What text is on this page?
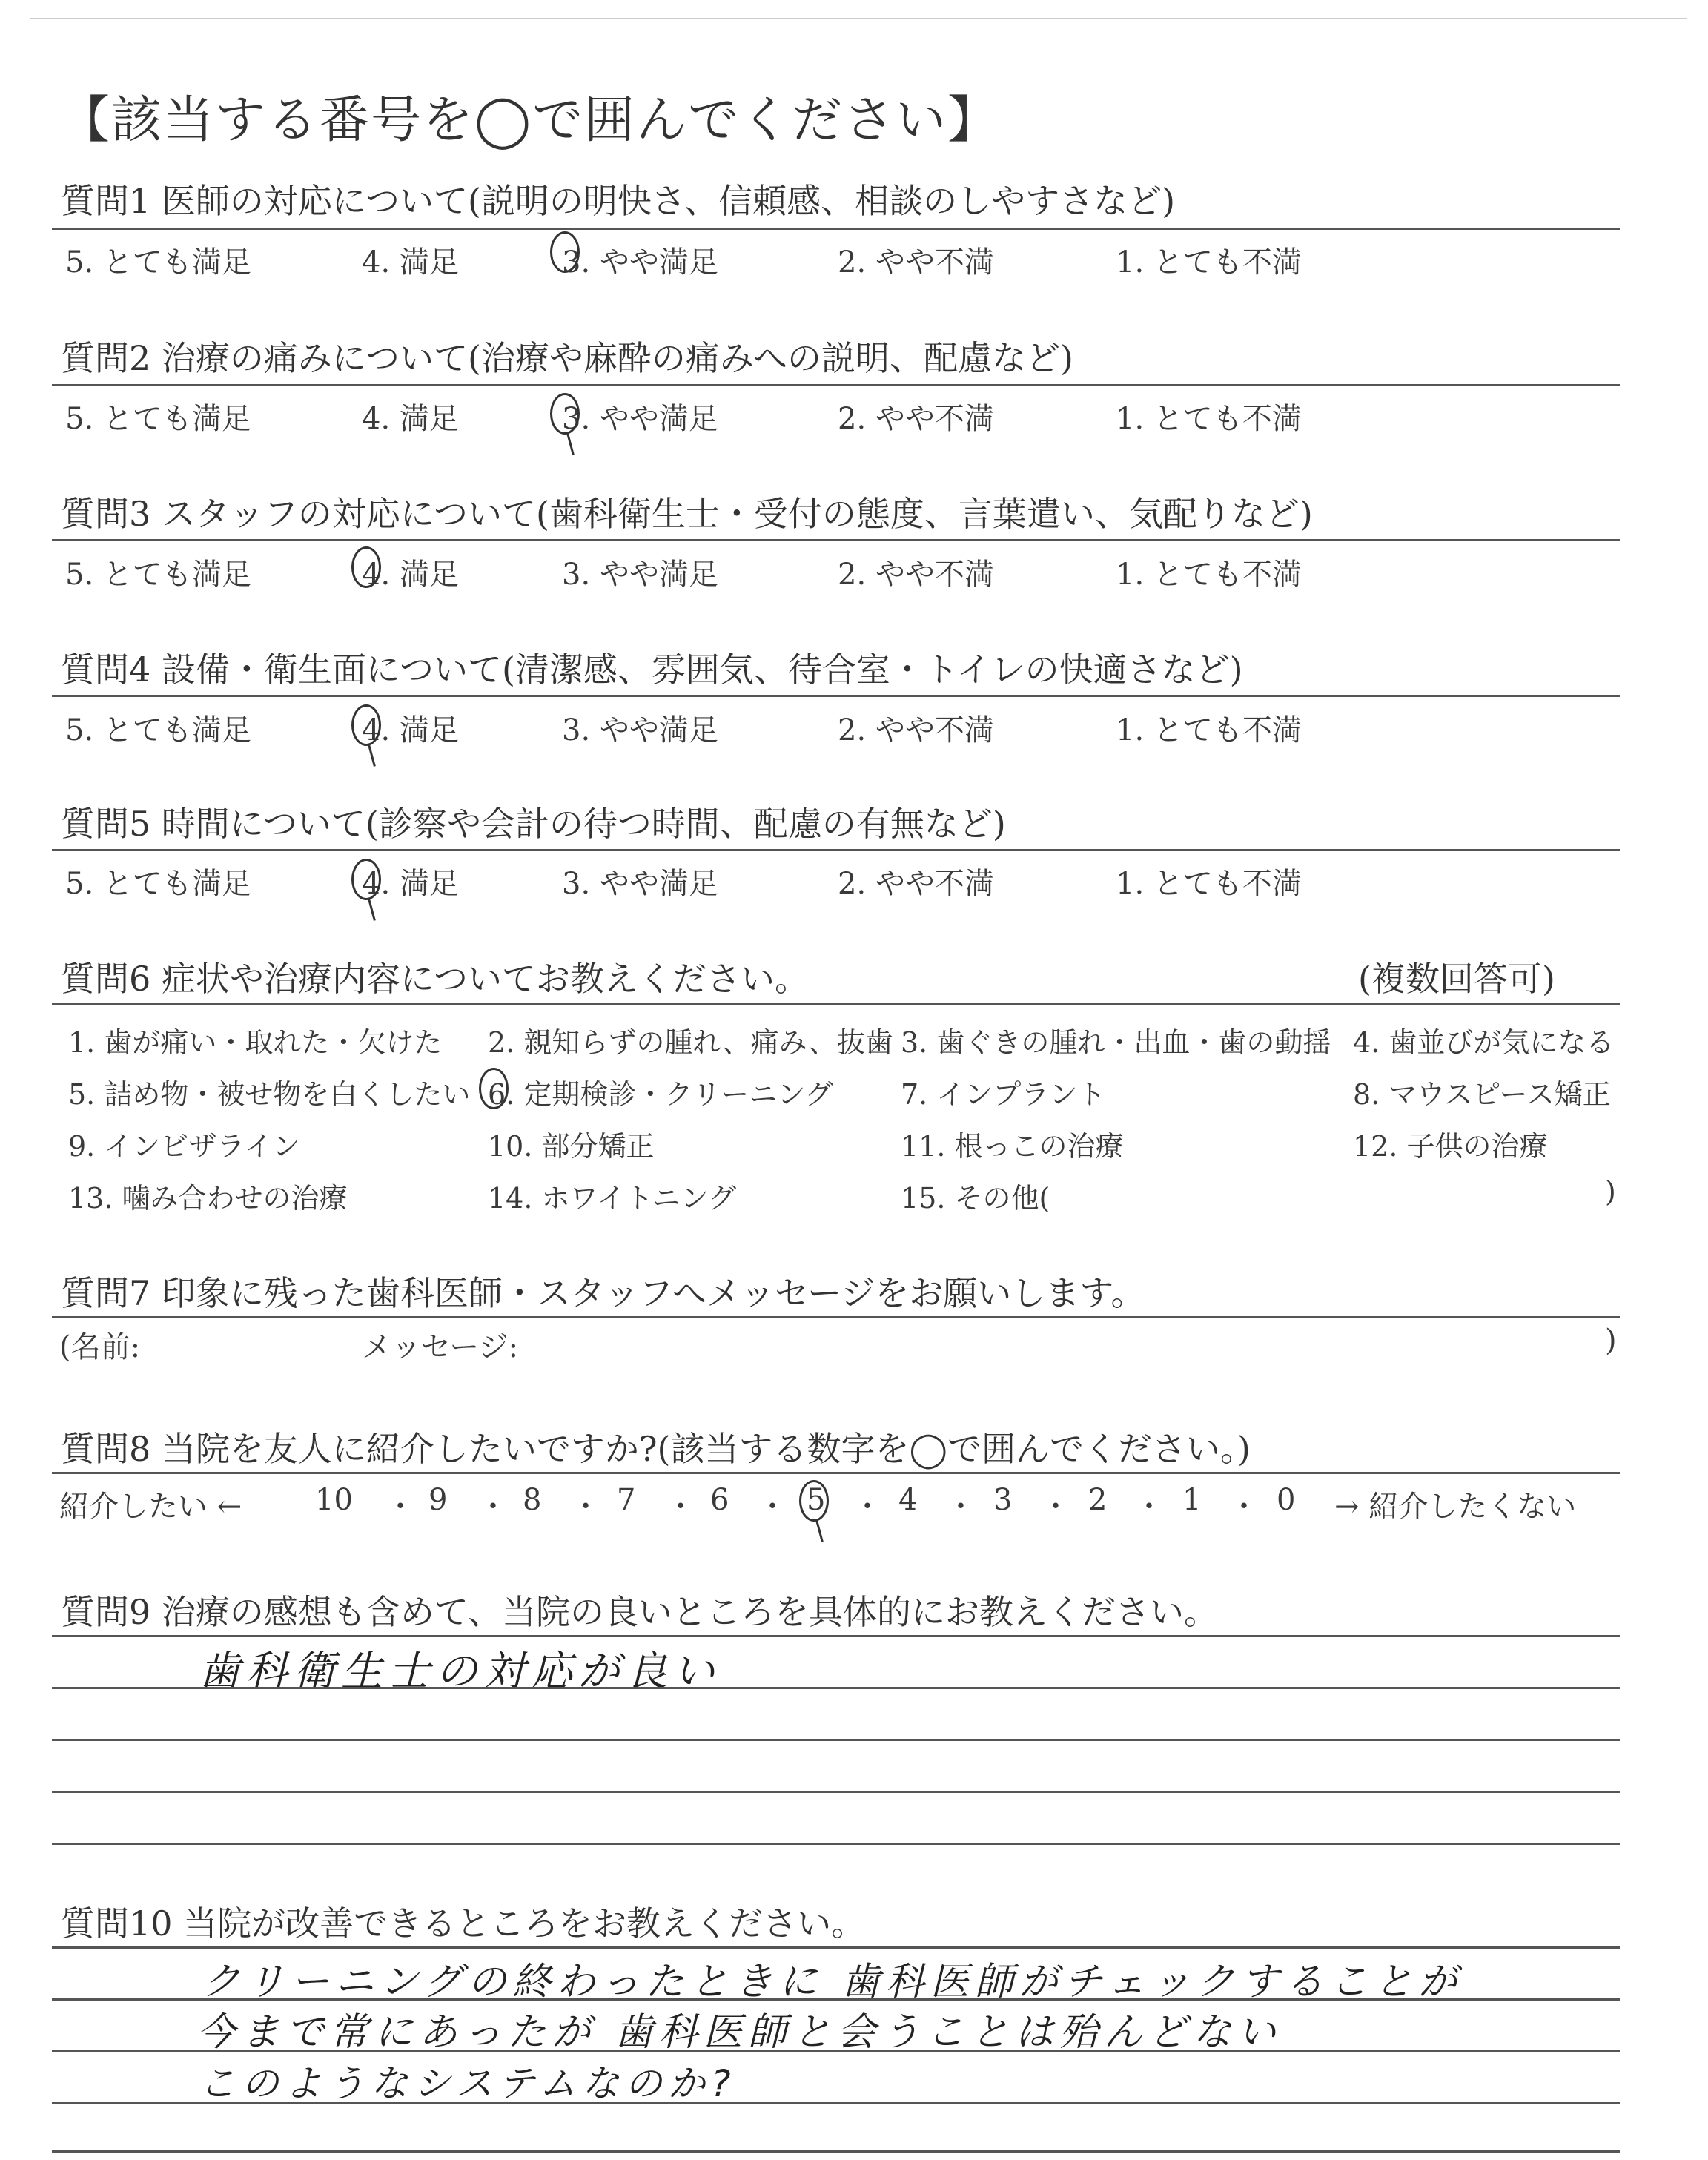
【該当する番号を◯で囲んでください】
質問1 医師の対応について(説明の明快さ、信頼感、相談のしやすさなど)
5. とても満足	4. 満足	3. やや満足	2. やや不満	1. とても不満
質問2 治療の痛みについて(治療や麻酔の痛みへの説明、配慮など)
5. とても満足	4. 満足	3. やや満足	2. やや不満	1. とても不満
質問3 スタッフの対応について(歯科衛生士・受付の態度、言葉遣い、気配りなど)
5. とても満足	4. 満足	3. やや満足	2. やや不満	1. とても不満
質問4 設備・衛生面について(清潔感、雰囲気、待合室・トイレの快適さなど)
5. とても満足	4. 満足	3. やや満足	2. やや不満	1. とても不満
質問5 時間について(診察や会計の待つ時間、配慮の有無など)
5. とても満足	4. 満足	3. やや満足	2. やや不満	1. とても不満
質問6 症状や治療内容についてお教えください。	(複数回答可)
1. 歯が痛い・取れた・欠けた 2. 親知らずの腫れ、痛み、抜歯 3. 歯ぐきの腫れ・出血・歯の動揺 4. 歯並びが気になる
5. 詰め物・被せ物を白くしたい 6. 定期検診・クリーニング 7. インプラント	8. マウスピース矯正
9. インビザライン	10. 部分矯正	11. 根っこの治療	12. 子供の治療
13. 噛み合わせの治療	14. ホワイトニング	15. その他(	)
質問7 印象に残った歯科医師・スタッフへメッセージをお願いします。
(名前:	メッセージ:	)
質問8 当院を友人に紹介したいですか?(該当する数字を◯で囲んでください。)
紹介したい ←	→ 紹介したくない
10 ・ 9 ・ 8 ・ 7 ・ 6 ・ 5 ・ 4 ・ 3 ・ 2 ・ 1 ・ 0
質問9 治療の感想も含めて、当院の良いところを具体的にお教えください。
歯科衛生士の対応が良い
質問10 当院が改善できるところをお教えください。
クリーニングの終わったときに 歯科医師がチェックすることが
今まで常にあったが 歯科医師と会うことは殆んどない
このようなシステムなのか?
